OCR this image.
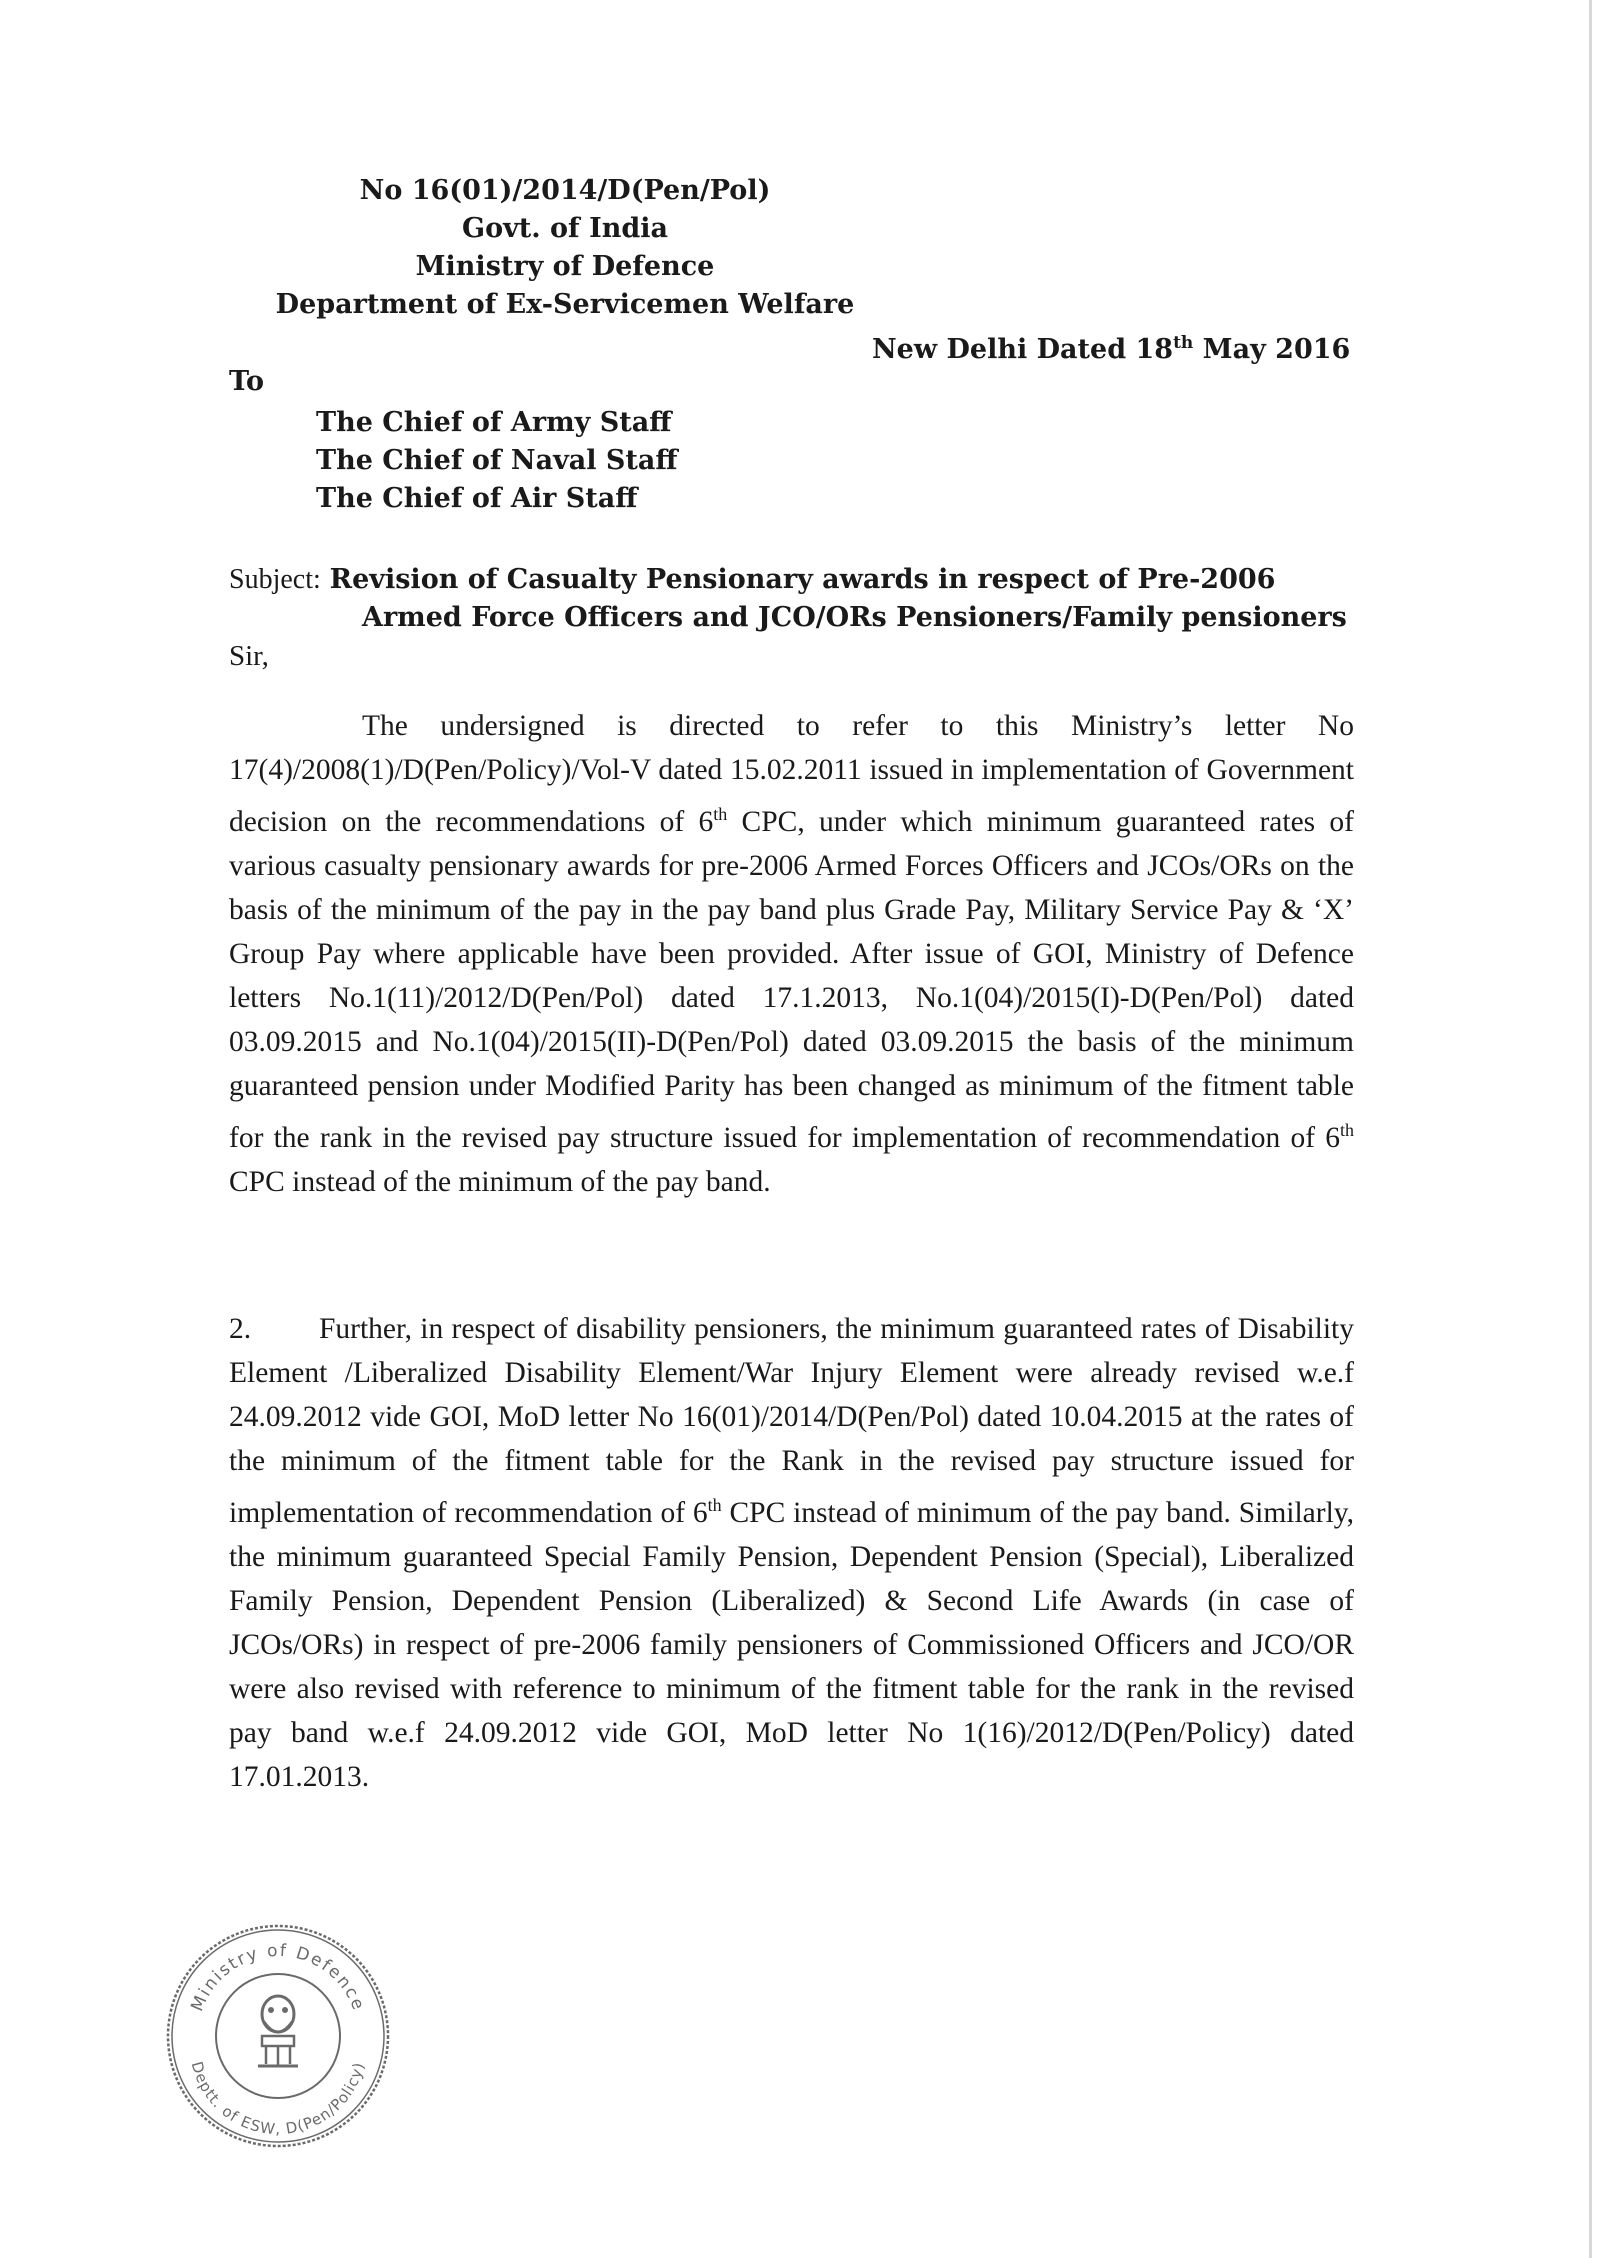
No 16(01)/2014/D(Pen/Pol)
Govt. of India
Ministry of Defence
Department of Ex-Servicemen Welfare
New Delhi Dated 18th May 2016
To
The Chief of Army Staff
The Chief of Naval Staff
The Chief of Air Staff
Subject: Revision of Casualty Pensionary awards in respect of Pre-2006
Armed Force Officers and JCO/ORs Pensioners/Family pensioners
Sir,

The undersigned is directed to refer to this Ministry’s letter No 17(4)/2008(1)/D(Pen/Policy)/Vol-V dated 15.02.2011 issued in implementation of Government decision on the recommendations of 6th CPC, under which minimum guaranteed rates of various casualty pensionary awards for pre-2006 Armed Forces Officers and JCOs/ORs on the basis of the minimum of the pay in the pay band plus Grade Pay, Military Service Pay & ‘X’ Group Pay where applicable have been provided. After issue of GOI, Ministry of Defence letters No.1(11)/2012/D(Pen/Pol) dated 17.1.2013, No.1(04)/2015(I)-D(Pen/Pol) dated 03.09.2015 and No.1(04)/2015(II)-D(Pen/Pol) dated 03.09.2015 the basis of the minimum guaranteed pension under Modified Parity has been changed as minimum of the fitment table for the rank in the revised pay structure issued for implementation of recommendation of 6th CPC instead of the minimum of the pay band.

2. Further, in respect of disability pensioners, the minimum guaranteed rates of Disability Element /Liberalized Disability Element/War Injury Element were already revised w.e.f 24.09.2012 vide GOI, MoD letter No 16(01)/2014/D(Pen/Pol) dated 10.04.2015 at the rates of the minimum of the fitment table for the Rank in the revised pay structure issued for implementation of recommendation of 6th CPC instead of minimum of the pay band. Similarly, the minimum guaranteed Special Family Pension, Dependent Pension (Special), Liberalized Family Pension, Dependent Pension (Liberalized) & Second Life Awards (in case of JCOs/ORs) in respect of pre-2006 family pensioners of Commissioned Officers and JCO/OR were also revised with reference to minimum of the fitment table for the rank in the revised pay band w.e.f 24.09.2012 vide GOI, MoD letter No 1(16)/2012/D(Pen/Policy) dated 17.01.2013.

Ministry of Defence
Deptt. of ESW, D(Pen/Policy)
